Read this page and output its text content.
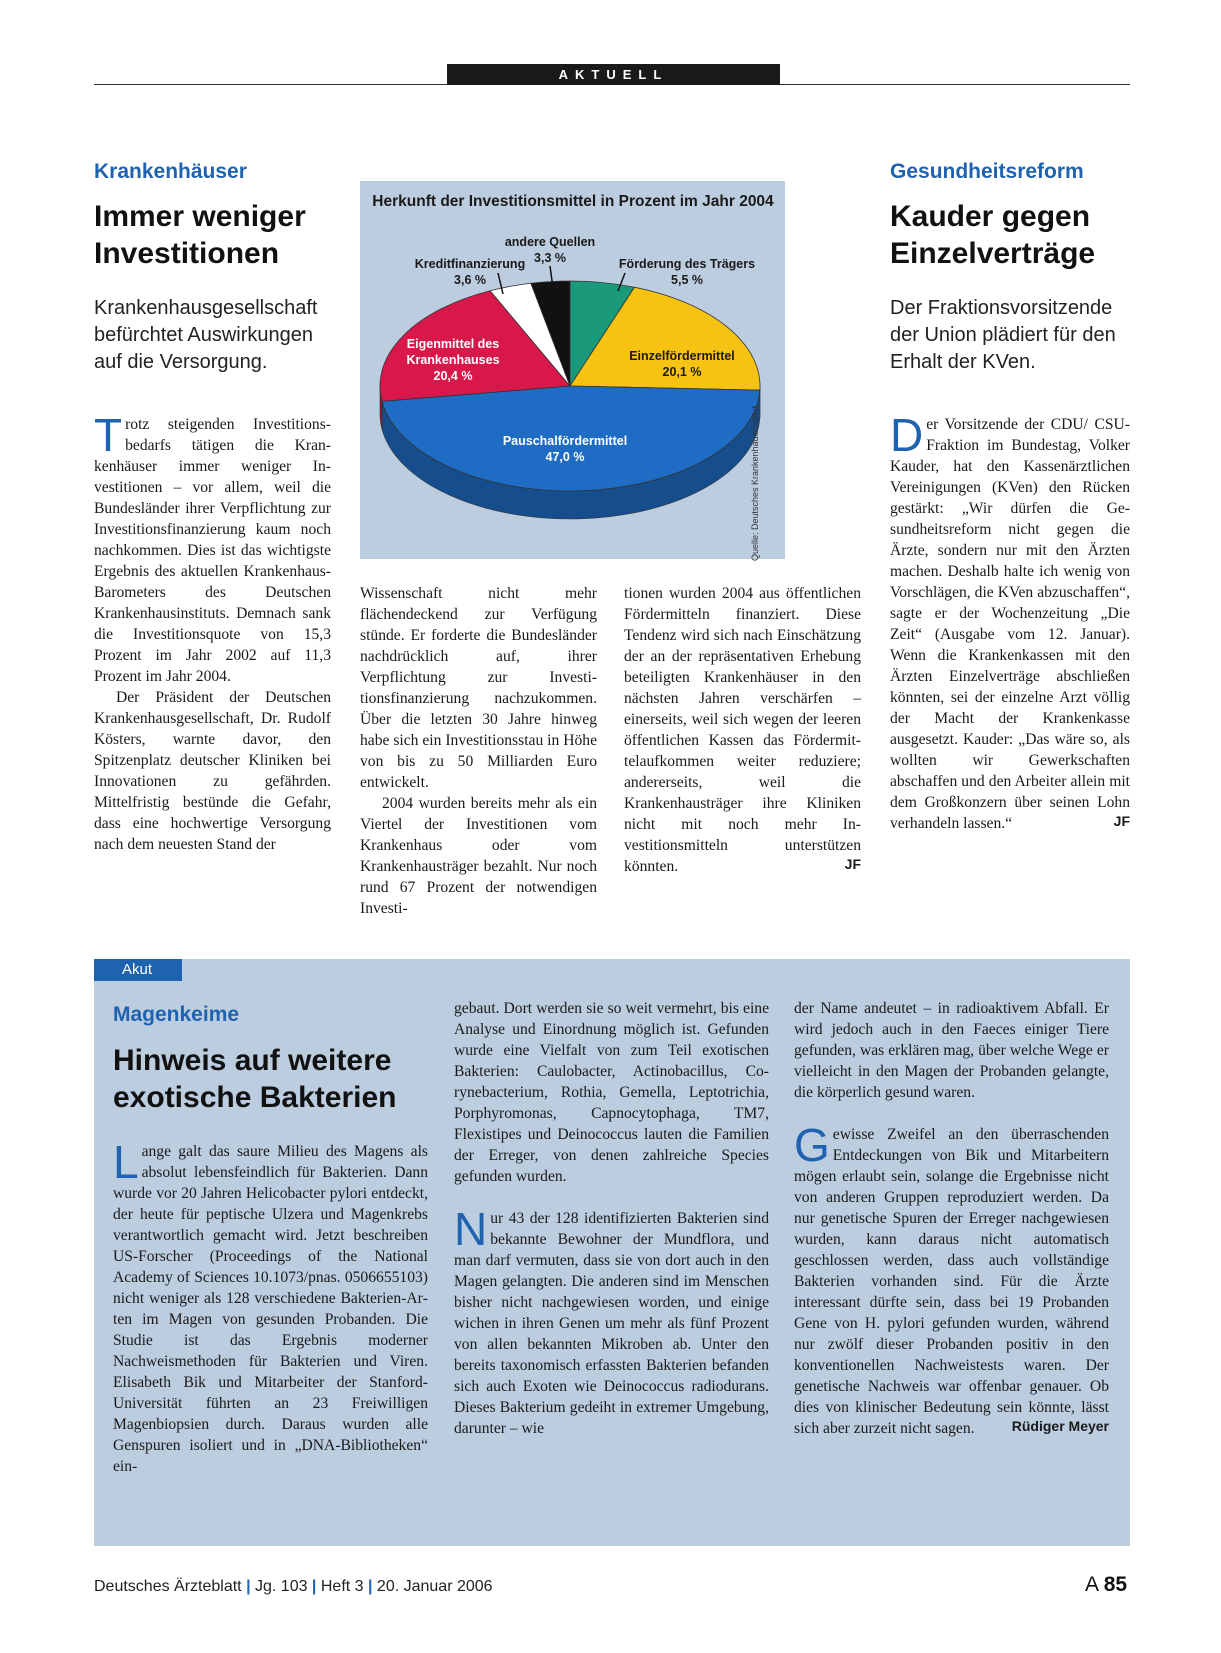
AKTUELL
Krankenhäuser
Immer weniger Investitionen
Krankenhausgesellschaft befürchtet Auswirkungen auf die Versorgung.

Trotz steigenden Investitionsbedarfs tätigen die Krankenhäuser immer weniger Investitionen – vor allem, weil die Bundesländer ihrer Verpflichtung zur Investitionsfinanzierung kaum noch nachkommen. Dies ist das wichtigste Ergebnis des aktuellen Krankenhaus-Barometers des Deutschen Krankenhausinstituts. Demnach sank die Investitionsquote von 15,3 Prozent im Jahr 2002 auf 11,3 Prozent im Jahr 2004.

Der Präsident der Deutschen Krankenhausgesellschaft, Dr. Rudolf Kösters, warnte davor, den Spitzenplatz deutscher Kliniken bei Innovationen zu gefährden. Mittelfristig bestünde die Gefahr, dass eine hochwertige Versorgung nach dem neuesten Stand der

Wissenschaft nicht mehr flächendeckend zur Verfügung stünde. Er forderte die Bundesländer nachdrücklich auf, ihrer Verpflichtung zur Investitionsfinanzierung nachzukommen. Über die letzten 30 Jahre hinweg habe sich ein Investitionsstau in Höhe von bis zu 50 Milliarden Euro entwickelt.

2004 wurden bereits mehr als ein Viertel der Investitionen vom Krankenhaus oder vom Krankenhausträger bezahlt. Nur noch rund 67 Prozent der notwendigen Investi-

tionen wurden 2004 aus öffentlichen Fördermitteln finanziert. Diese Tendenz wird sich nach Einschätzung der an der repräsentativen Erhebung beteiligten Krankenhäuser in den nächsten Jahren verschärfen – einerseits, weil sich wegen der leeren öffentlichen Kassen das Fördermittelaufkommen weiter reduziere; andererseits, weil die Krankenhausträger ihre Kliniken nicht mit noch mehr Investitionsmitteln unterstützen könnten.	JF

Herkunft der Investitionsmittel in Prozent im Jahr 2004
andere Quellen
3,3 %
Kreditfinanzierung
3,6 %
Förderung des Trägers
5,5 %
Eigenmittel des Krankenhauses
20,4 %
Einzelfördermittel
20,1 %
Pauschalfördermittel
47,0 %	Quelle: Deutsches Krankenhausinstitut
Gesundheitsreform
Kauder gegen Einzelverträge
Der Fraktionsvorsitzende der Union plädiert für den Erhalt der KVen.

Der Vorsitzende der CDU/ CSU-Fraktion im Bundestag, Volker Kauder, hat den Kassenärztlichen Vereinigungen (KVen) den Rücken gestärkt: „Wir dürfen die Gesundheitsreform nicht gegen die Ärzte, sondern nur mit den Ärzten machen. Deshalb halte ich wenig von Vorschlägen, die KVen abzuschaffen“, sagte er der Wochenzeitung „Die Zeit“ (Ausgabe vom 12. Januar). Wenn die Krankenkassen mit den Ärzten Einzelverträge abschließen könnten, sei der einzelne Arzt völlig der Macht der Krankenkasse ausgesetzt. Kauder: „Das wäre so, als wollten wir Gewerkschaften abschaffen und den Arbeiter allein mit dem Großkonzern über seinen Lohn verhandeln lassen.“	JF

Akut
Magenkeime
Hinweis auf weitere exotische Bakterien

Lange galt das saure Milieu des Magens als absolut lebensfeindlich für Bakterien. Dann wurde vor 20 Jahren Helicobacter pylori entdeckt, der heute für peptische Ulzera und Magenkrebs verantwortlich gemacht wird. Jetzt beschreiben US-Forscher (Proceedings of the National Academy of Sciences 10.1073/pnas. 0506655103) nicht weniger als 128 verschiedene Bakterien-Arten im Magen von gesunden Probanden. Die Studie ist das Ergebnis moderner Nachweismethoden für Bakterien und Viren. Elisabeth Bik und Mitarbeiter der Stanford-Universität führten an 23 Freiwilligen Magenbiopsien durch. Daraus wurden alle Genspuren isoliert und in „DNA-Bibliotheken“ ein-

gebaut. Dort werden sie so weit vermehrt, bis eine Analyse und Einordnung möglich ist. Gefunden wurde eine Vielfalt von zum Teil exotischen Bakterien: Caulobacter, Actinobacillus, Corynebacterium, Rothia, Gemella, Leptotrichia, Porphyromonas, Capnocytophaga, TM7, Flexistipes und Deinococcus lauten die Familien der Erreger, von denen zahlreiche Species gefunden wurden.

Nur 43 der 128 identifizierten Bakterien sind bekannte Bewohner der Mundflora, und man darf vermuten, dass sie von dort auch in den Magen gelangten. Die anderen sind im Menschen bisher nicht nachgewiesen worden, und einige wichen in ihren Genen um mehr als fünf Prozent von allen bekannten Mikroben ab. Unter den bereits taxonomisch erfassten Bakterien befanden sich auch Exoten wie Deinococcus radiodurans. Dieses Bakterium gedeiht in extremer Umgebung, darunter – wie

der Name andeutet – in radioaktivem Abfall. Er wird jedoch auch in den Faeces einiger Tiere gefunden, was erklären mag, über welche Wege er vielleicht in den Magen der Probanden gelangte, die körperlich gesund waren.

Gewisse Zweifel an den überraschenden Entdeckungen von Bik und Mitarbeitern mögen erlaubt sein, solange die Ergebnisse nicht von anderen Gruppen reproduziert werden. Da nur genetische Spuren der Erreger nachgewiesen wurden, kann daraus nicht automatisch geschlossen werden, dass auch vollständige Bakterien vorhanden sind. Für die Ärzte interessant dürfte sein, dass bei 19 Probanden Gene von H. pylori gefunden wurden, während nur zwölf dieser Probanden positiv in den konventionellen Nachweistests waren. Der genetische Nachweis war offenbar genauer. Ob dies von klinischer Bedeutung sein könnte, lässt sich aber zurzeit nicht sagen.	Rüdiger Meyer

Deutsches Ärzteblatt | Jg. 103 | Heft 3 | 20. Januar 2006	A 85
